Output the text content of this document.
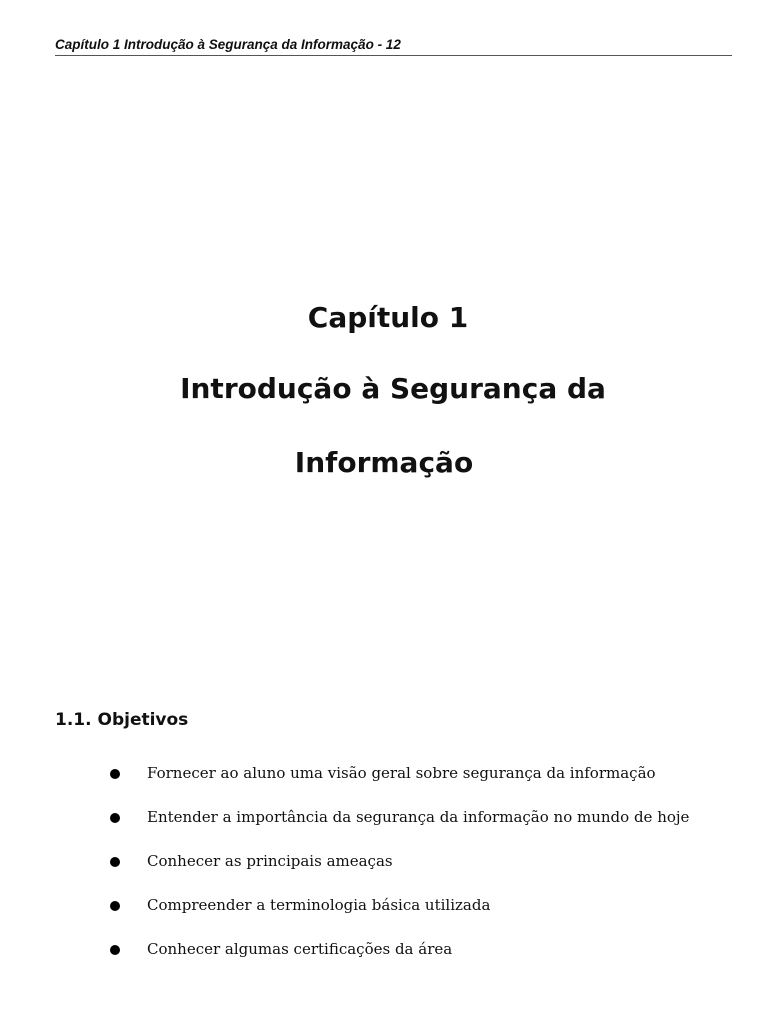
Capítulo 1 Introdução à Segurança da Informação - 12
Capítulo 1
Introdução à Segurança da
Informação
1.1. Objetivos
Fornecer ao aluno uma visão geral sobre segurança da informação
Entender a importância da segurança da informação no mundo de hoje
Conhecer as principais ameaças
Compreender a terminologia básica utilizada
Conhecer algumas certificações da área
